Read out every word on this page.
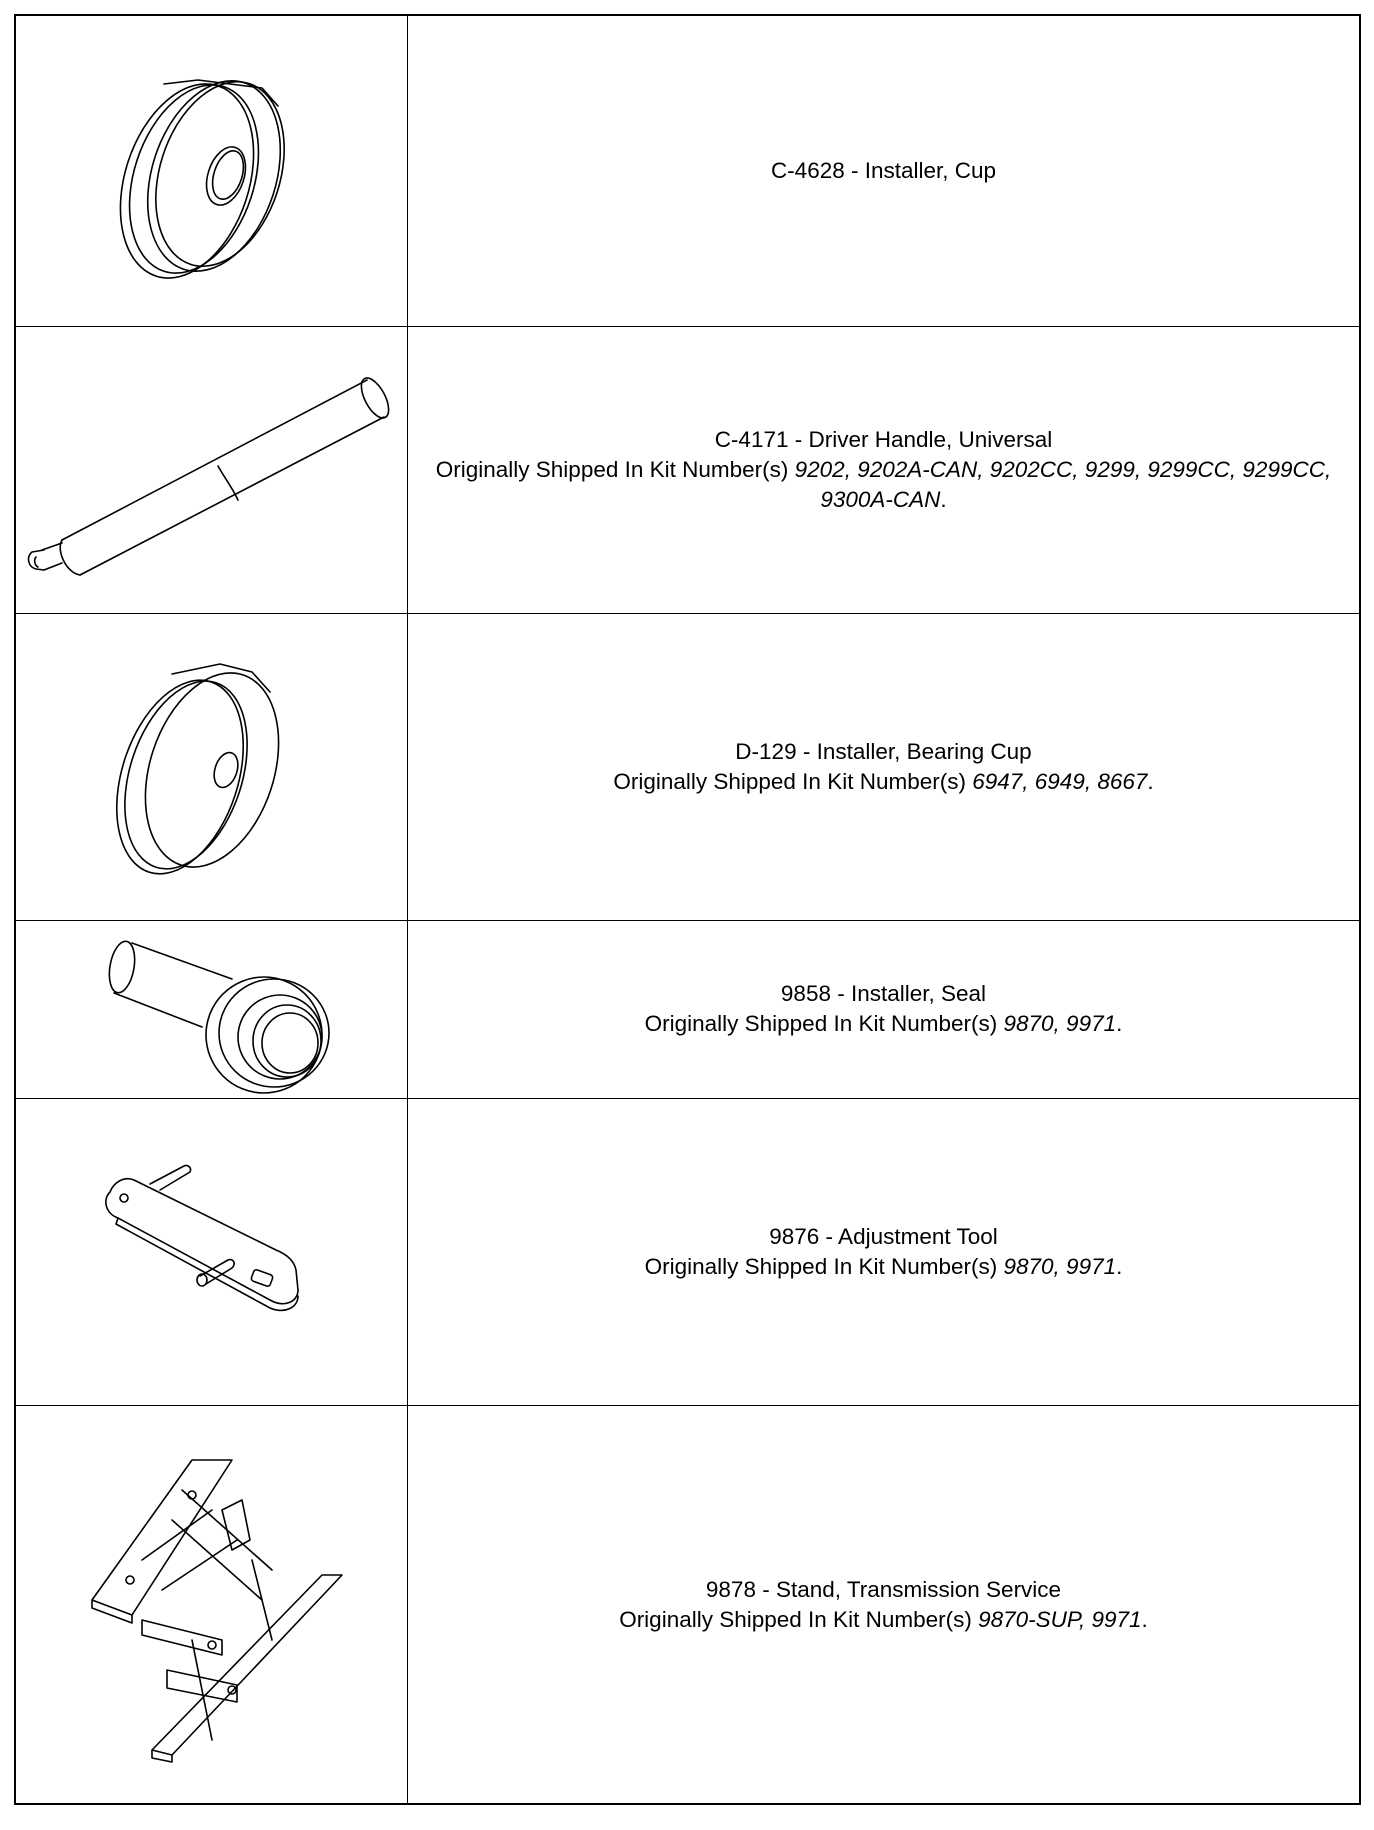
C-4628 - Installer, Cup

C-4171 - Driver Handle, Universal
Originally Shipped In Kit Number(s) 9202, 9202A-CAN, 9202CC, 9299, 9299CC, 9299CC, 9300A-CAN.

D-129 - Installer, Bearing Cup
Originally Shipped In Kit Number(s) 6947, 6949, 8667.

9858 - Installer, Seal
Originally Shipped In Kit Number(s) 9870, 9971.

9876 - Adjustment Tool
Originally Shipped In Kit Number(s) 9870, 9971.

9878 - Stand, Transmission Service
Originally Shipped In Kit Number(s) 9870-SUP, 9971.
